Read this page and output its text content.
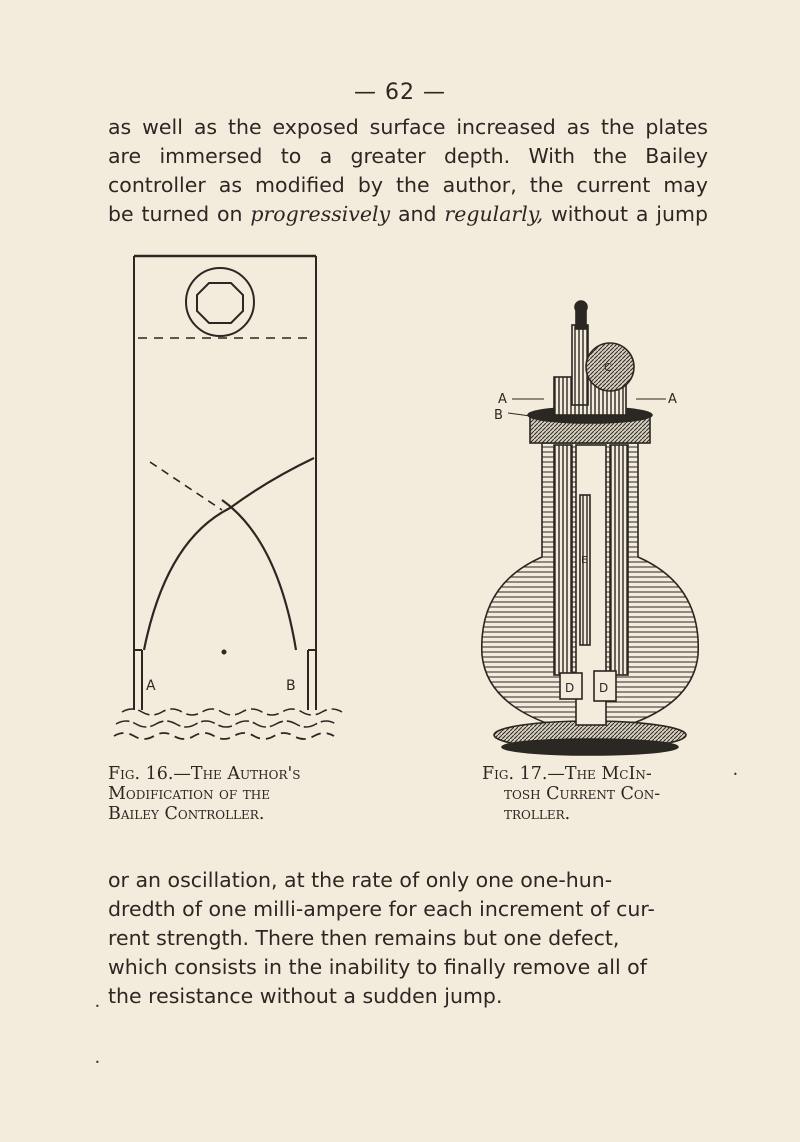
— 62 —

as well as the exposed surface increased as the plates
are immersed to a greater depth. With the Bailey
controller as modified by the author, the current may
be turned on progressively and regularly, without a jump

A	B
A	A
B
C
D D
E
Fig. 16.—The Author's
Modification of the
Bailey Controller.
Fig. 17.—The McIn-
tosh Current Con-
troller.
•
•
•

or an oscillation, at the rate of only one one-hun-
dredth of one milli-ampere for each increment of cur-
rent strength. There then remains but one defect,
which consists in the inability to finally remove all of
the resistance without a sudden jump.
